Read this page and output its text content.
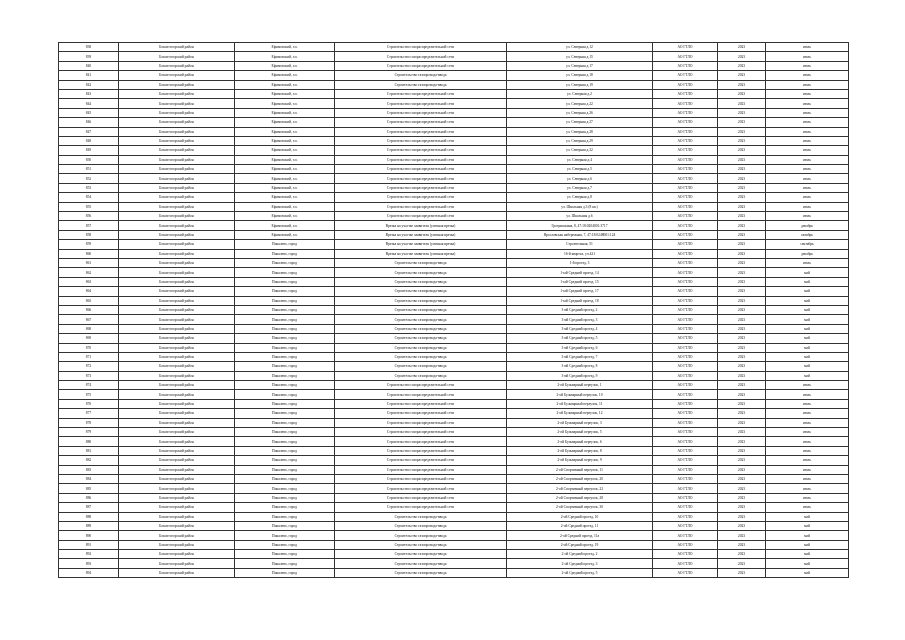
838	Бокситогорский район	Ефимовский, г.п.	Строительство газораспределительной сети	ул. Северная д.12	АО ГТЛО	2023	июль
839	Бокситогорский район	Ефимовский, г.п.	Строительство газораспределительной сети	ул. Северная д.15	АО ГТЛО	2023	июль
840	Бокситогорский район	Ефимовский, г.п.	Строительство газораспределительной сети	ул. Северная д.17	АО ГТЛО	2023	июль
841	Бокситогорский район	Ефимовский, г.п.	Строительство газопровода-ввода	ул. Северная д.18	АО ГТЛО	2023	июль
842	Бокситогорский район	Ефимовский, г.п.	Строительство газопровода-ввода	ул. Северная д.19	АО ГТЛО	2023	июль
843	Бокситогорский район	Ефимовский, г.п.	Строительство газораспределительной сети	ул. Северная д.2	АО ГТЛО	2023	июль
844	Бокситогорский район	Ефимовский, г.п.	Строительство газораспределительной сети	ул. Северная д.22	АО ГТЛО	2023	июль
845	Бокситогорский район	Ефимовский, г.п.	Строительство газораспределительной сети	ул. Северная д.26	АО ГТЛО	2023	июль
846	Бокситогорский район	Ефимовский, г.п.	Строительство газораспределительной сети	ул. Северная д.27	АО ГТЛО	2023	июль
847	Бокситогорский район	Ефимовский, г.п.	Строительство газораспределительной сети	ул. Северная д.28	АО ГТЛО	2023	июль
848	Бокситогорский район	Ефимовский, г.п.	Строительство газораспределительной сети	ул. Северная д.29	АО ГТЛО	2023	июль
849	Бокситогорский район	Ефимовский, г.п.	Строительство газораспределительной сети	ул. Северная д.32	АО ГТЛО	2023	июль
850	Бокситогорский район	Ефимовский, г.п.	Строительство газораспределительной сети	ул. Северная д.4	АО ГТЛО	2023	июль
851	Бокситогорский район	Ефимовский, г.п.	Строительство газораспределительной сети	ул. Северная д.5	АО ГТЛО	2023	июль
852	Бокситогорский район	Ефимовский, г.п.	Строительство газораспределительной сети	ул. Северная д.6	АО ГТЛО	2023	июль
853	Бокситогорский район	Ефимовский, г.п.	Строительство газораспределительной сети	ул. Северная д.7	АО ГТЛО	2023	июль
854	Бокситогорский район	Ефимовский, г.п.	Строительство газораспределительной сети	ул. Северная д.8	АО ГТЛО	2023	июль
855	Бокситогорский район	Ефимовский, г.п.	Строительство газораспределительной сети	ул. Школьная д.3 (8 кв.)	АО ГТЛО	2023	июль
856	Бокситогорский район	Ефимовский, г.п.	Строительство газораспределительной сети	ул. Школьная д.6	АО ГТЛО	2023	июль
857	Бокситогорский район	Ефимовский, г.п.	Врезка на участке заявителя (уличная врезка)	Гротришкина, 8, 47:18:0204001:3717	АО ГТЛО	2023	декабрь
858	Бокситогорский район	Ефимовский, г.п.	Врезка на участке заявителя (уличная врезка)	Ярославская набережная, 7, 47:18:0248001:124	АО ГТЛО	2023	октябрь
859	Бокситогорский район	Пикалево, город	Врезка на участке заявителя (уличная врезка)	Строительная, 51	АО ГТЛО	2023	сентябрь
860	Бокситогорский район	Пикалево, город	Врезка на участке заявителя (уличная врезка)	16-й квартал, уч.421	АО ГТЛО	2023	декабрь
861	Бокситогорский район	Пикалево, город	Строительство газопровода-ввода	1-й проезд, 3	АО ГТЛО	2023	июль
862	Бокситогорский район	Пикалево, город	Строительство газопровода-ввода	1-ый Средний проезд, 14	АО ГТЛО	2023	май
863	Бокситогорский район	Пикалево, город	Строительство газопровода-ввода	1-ый Средний проезд, 15	АО ГТЛО	2023	май
864	Бокситогорский район	Пикалево, город	Строительство газопровода-ввода	1-ый Средний проезд, 17	АО ГТЛО	2023	май
865	Бокситогорский район	Пикалево, город	Строительство газопровода-ввода	1-ый Средний проезд, 18	АО ГТЛО	2023	май
866	Бокситогорский район	Пикалево, город	Строительство газопровода-ввода	3-ий Средний проезд, 2	АО ГТЛО	2023	май
867	Бокситогорский район	Пикалево, город	Строительство газопровода-ввода	3-ий Средний проезд, 3	АО ГТЛО	2023	май
868	Бокситогорский район	Пикалево, город	Строительство газопровода-ввода	3-ий Средний проезд, 4	АО ГТЛО	2023	май
869	Бокситогорский район	Пикалево, город	Строительство газопровода-ввода	3-ий Средний проезд, 5	АО ГТЛО	2023	май
870	Бокситогорский район	Пикалево, город	Строительство газопровода-ввода	3-ий Средний проезд, 6	АО ГТЛО	2023	май
871	Бокситогорский район	Пикалево, город	Строительство газопровода-ввода	3-ий Средний проезд, 7	АО ГТЛО	2023	май
872	Бокситогорский район	Пикалево, город	Строительство газопровода-ввода	3-ий Средний проезд, 8	АО ГТЛО	2023	май
873	Бокситогорский район	Пикалево, город	Строительство газопровода-ввода	3-ий Средний проезд, 9	АО ГТЛО	2023	май
874	Бокситогорский район	Пикалево, город	Строительство газораспределительной сети	2-ой Бульварный переулок, 1	АО ГТЛО	2023	июль
875	Бокситогорский район	Пикалево, город	Строительство газораспределительной сети	2-ой Бульварный переулок, 10	АО ГТЛО	2023	июль
876	Бокситогорский район	Пикалево, город	Строительство газораспределительной сети	2-ой Бульварный переулок, 11	АО ГТЛО	2023	июль
877	Бокситогорский район	Пикалево, город	Строительство газораспределительной сети	2-ой Бульварный переулок, 12	АО ГТЛО	2023	июль
878	Бокситогорский район	Пикалево, город	Строительство газораспределительной сети	2-ой Бульварный переулок, 3	АО ГТЛО	2023	июль
879	Бокситогорский район	Пикалево, город	Строительство газораспределительной сети	2-ой Бульварный переулок, 5	АО ГТЛО	2023	июль
880	Бокситогорский район	Пикалево, город	Строительство газораспределительной сети	2-ой Бульварный переулок, 6	АО ГТЛО	2023	июль
881	Бокситогорский район	Пикалево, город	Строительство газораспределительной сети	2-ой Бульварный переулок, 8	АО ГТЛО	2023	июль
882	Бокситогорский район	Пикалево, город	Строительство газораспределительной сети	2-ой Бульварный переулок, 9	АО ГТЛО	2023	июль
883	Бокситогорский район	Пикалево, город	Строительство газораспределительной сети	2-ой Спортивный переулок, 11	АО ГТЛО	2023	июль
884	Бокситогорский район	Пикалево, город	Строительство газораспределительной сети	2-ой Спортивный переулок, 20	АО ГТЛО	2023	июль
885	Бокситогорский район	Пикалево, город	Строительство газораспределительной сети	2-ой Спортивный переулок, 22	АО ГТЛО	2023	июль
886	Бокситогорский район	Пикалево, город	Строительство газораспределительной сети	2-ой Спортивный переулок, 28	АО ГТЛО	2023	июль
887	Бокситогорский район	Пикалево, город	Строительство газораспределительной сети	2-ой Спортивный переулок, 30	АО ГТЛО	2023	июль
888	Бокситогорский район	Пикалево, город	Строительство газопровода-ввода	2-ой Средний проезд, 10	АО ГТЛО	2023	май
889	Бокситогорский район	Пикалево, город	Строительство газопровода-ввода	2-ой Средний проезд, 11	АО ГТЛО	2023	май
890	Бокситогорский район	Пикалево, город	Строительство газопровода-ввода	2-ой Средний проезд, 11а	АО ГТЛО	2023	май
891	Бокситогорский район	Пикалево, город	Строительство газопровода-ввода	2-ой Средний проезд, 19	АО ГТЛО	2023	май
892	Бокситогорский район	Пикалево, город	Строительство газопровода-ввода	2-ой Средний проезд, 2	АО ГТЛО	2023	май
893	Бокситогорский район	Пикалево, город	Строительство газопровода-ввода	2-ой Средний проезд, 3	АО ГТЛО	2023	май
894	Бокситогорский район	Пикалево, город	Строительство газопровода-ввода	2-ой Средний проезд, 5	АО ГТЛО	2023	май
